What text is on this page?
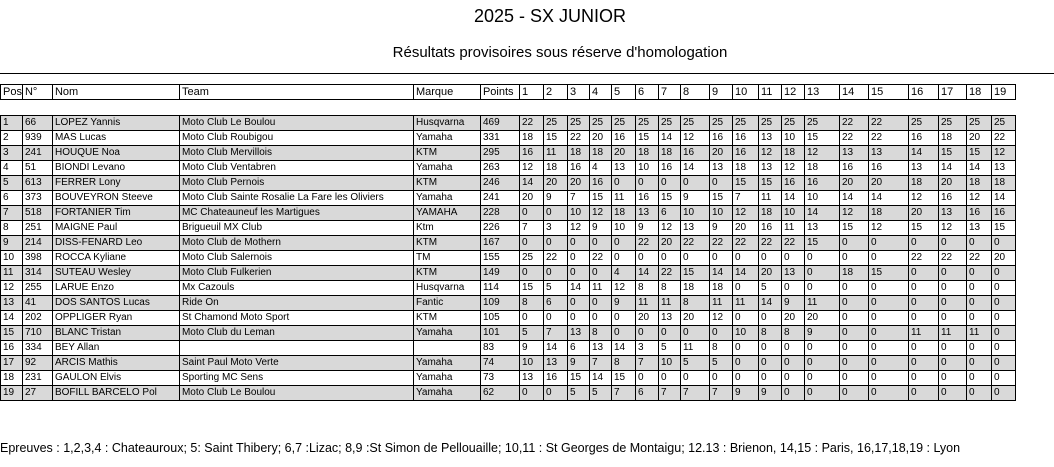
2025 - SX JUNIOR
Résultats provisoires sous réserve d'homologation
Pos	N°	Nom	Team	Marque	Points	1	2	3	4	5	6	7	8	9	10	11	12	13	14	15	16	17	18	19

1	66	LOPEZ Yannis	Moto Club Le Boulou	Husqvarna	469	22	25	25	25	25	25	25	25	25	25	25	25	25	22	22	25	25	25	25
2	939	MAS Lucas	Moto Club Roubigou	Yamaha	331	18	15	22	20	16	15	14	12	16	16	13	10	15	22	22	16	18	20	22
3	241	HOUQUE Noa	Moto Club Mervillois	KTM	295	16	11	18	18	20	18	18	16	20	16	12	18	12	13	13	14	15	15	12
4	51	BIONDI Levano	Moto Club Ventabren	Yamaha	263	12	18	16	4	13	10	16	14	13	18	13	12	18	16	16	13	14	14	13
5	613	FERRER Lony	Moto Club Pernois	KTM	246	14	20	20	16	0	0	0	0	0	15	15	16	16	20	20	18	20	18	18
6	373	BOUVEYRON Steeve	Moto Club Sainte Rosalie La Fare les Oliviers	Yamaha	241	20	9	7	15	11	16	15	9	15	7	11	14	10	14	14	12	16	12	14
7	518	FORTANIER Tim	MC Chateauneuf les Martigues	YAMAHA	228	0	0	10	12	18	13	6	10	10	12	18	10	14	12	18	20	13	16	16
8	251	MAIGNE Paul	Brigueuil MX Club	Ktm	226	7	3	12	9	10	9	12	13	9	20	16	11	13	15	12	15	12	13	15
9	214	DISS-FENARD Leo	Moto Club de Mothern	KTM	167	0	0	0	0	0	22	20	22	22	22	22	22	15	0	0	0	0	0	0
10	398	ROCCA Kyliane	Moto Club Salernois	TM	155	25	22	0	22	0	0	0	0	0	0	0	0	0	0	0	22	22	22	20
11	314	SUTEAU Wesley	Moto Club Fulkerien	KTM	149	0	0	0	0	4	14	22	15	14	14	20	13	0	18	15	0	0	0	0
12	255	LARUE Enzo	Mx Cazouls	Husqvarna	114	15	5	14	11	12	8	8	18	18	0	5	0	0	0	0	0	0	0	0
13	41	DOS SANTOS Lucas	Ride On	Fantic	109	8	6	0	0	9	11	11	8	11	11	14	9	11	0	0	0	0	0	0
14	202	OPPLIGER Ryan	St Chamond Moto Sport	KTM	105	0	0	0	0	0	20	13	20	12	0	0	20	20	0	0	0	0	0	0
15	710	BLANC Tristan	Moto Club du Leman	Yamaha	101	5	7	13	8	0	0	0	0	0	10	8	8	9	0	0	11	11	11	0
16	334	BEY Allan			83	9	14	6	13	14	3	5	11	8	0	0	0	0	0	0	0	0	0	0
17	92	ARCIS Mathis	Saint Paul Moto Verte	Yamaha	74	10	13	9	7	8	7	10	5	5	0	0	0	0	0	0	0	0	0	0
18	231	GAULON Elvis	Sporting MC Sens	Yamaha	73	13	16	15	14	15	0	0	0	0	0	0	0	0	0	0	0	0	0	0
19	27	BOFILL BARCELO Pol	Moto Club Le Boulou	Yamaha	62	0	0	5	5	7	6	7	7	7	9	9	0	0	0	0	0	0	0	0
Epreuves : 1,2,3,4 : Chateauroux; 5: Saint Thibery; 6,7 :Lizac; 8,9 :St Simon de Pellouaille; 10,11 : St Georges de Montaigu; 12.13 : Brienon, 14,15 : Paris, 16,17,18,19 : Lyon
